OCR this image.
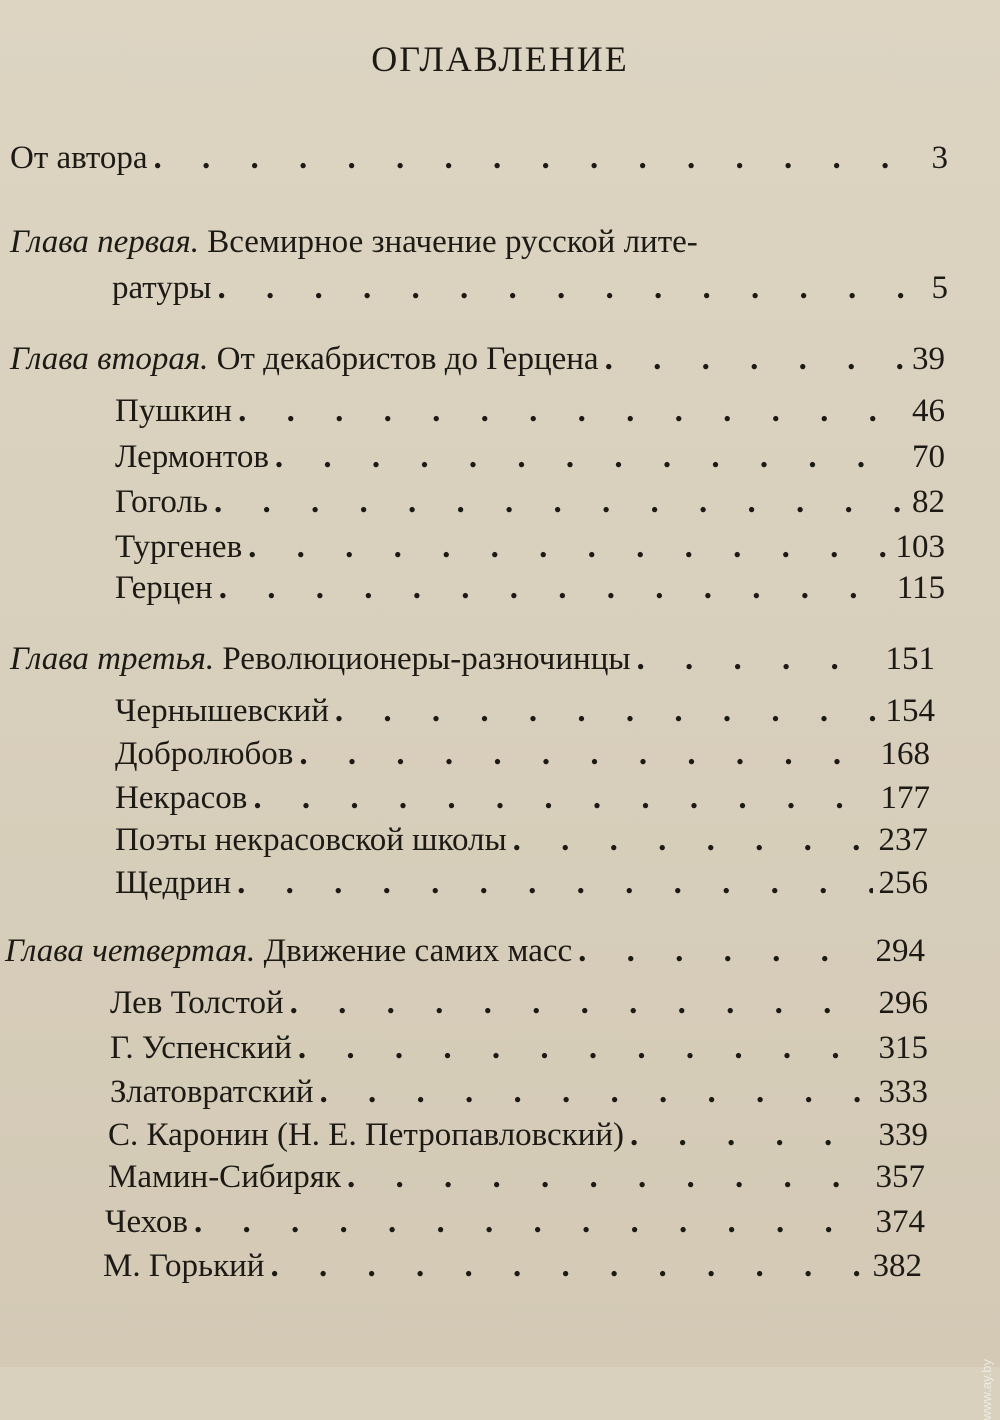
ОГЛАВЛЕНИЕ
От автора . . .	3
Глава первая. Всемирное значение русской лите-
ратуры . . .	5
Глава вторая. От декабристов до Герцена . . .	39
Пушкин . . .	46
Лермонтов . . .	70
Гоголь . . .	82
Тургенев . . .	103
Герцен . . .	115
Глава третья. Революционеры-разночинцы . . .	151
Чернышевский . . .	154
Добролюбов . . .	168
Некрасов . . .	177
Поэты некрасовской школы . . .	237
Щедрин . . .	256
Глава четвертая. Движение самих масс . . .	294
Лев Толстой . . .	296
Г. Успенский . . .	315
Златовратский . . .	333
С. Каронин (Н. Е. Петропавловский) . . .	339
Мамин-Сибиряк . . .	357
Чехов . . .	374
М. Горький . . .	382
www.ay.by
